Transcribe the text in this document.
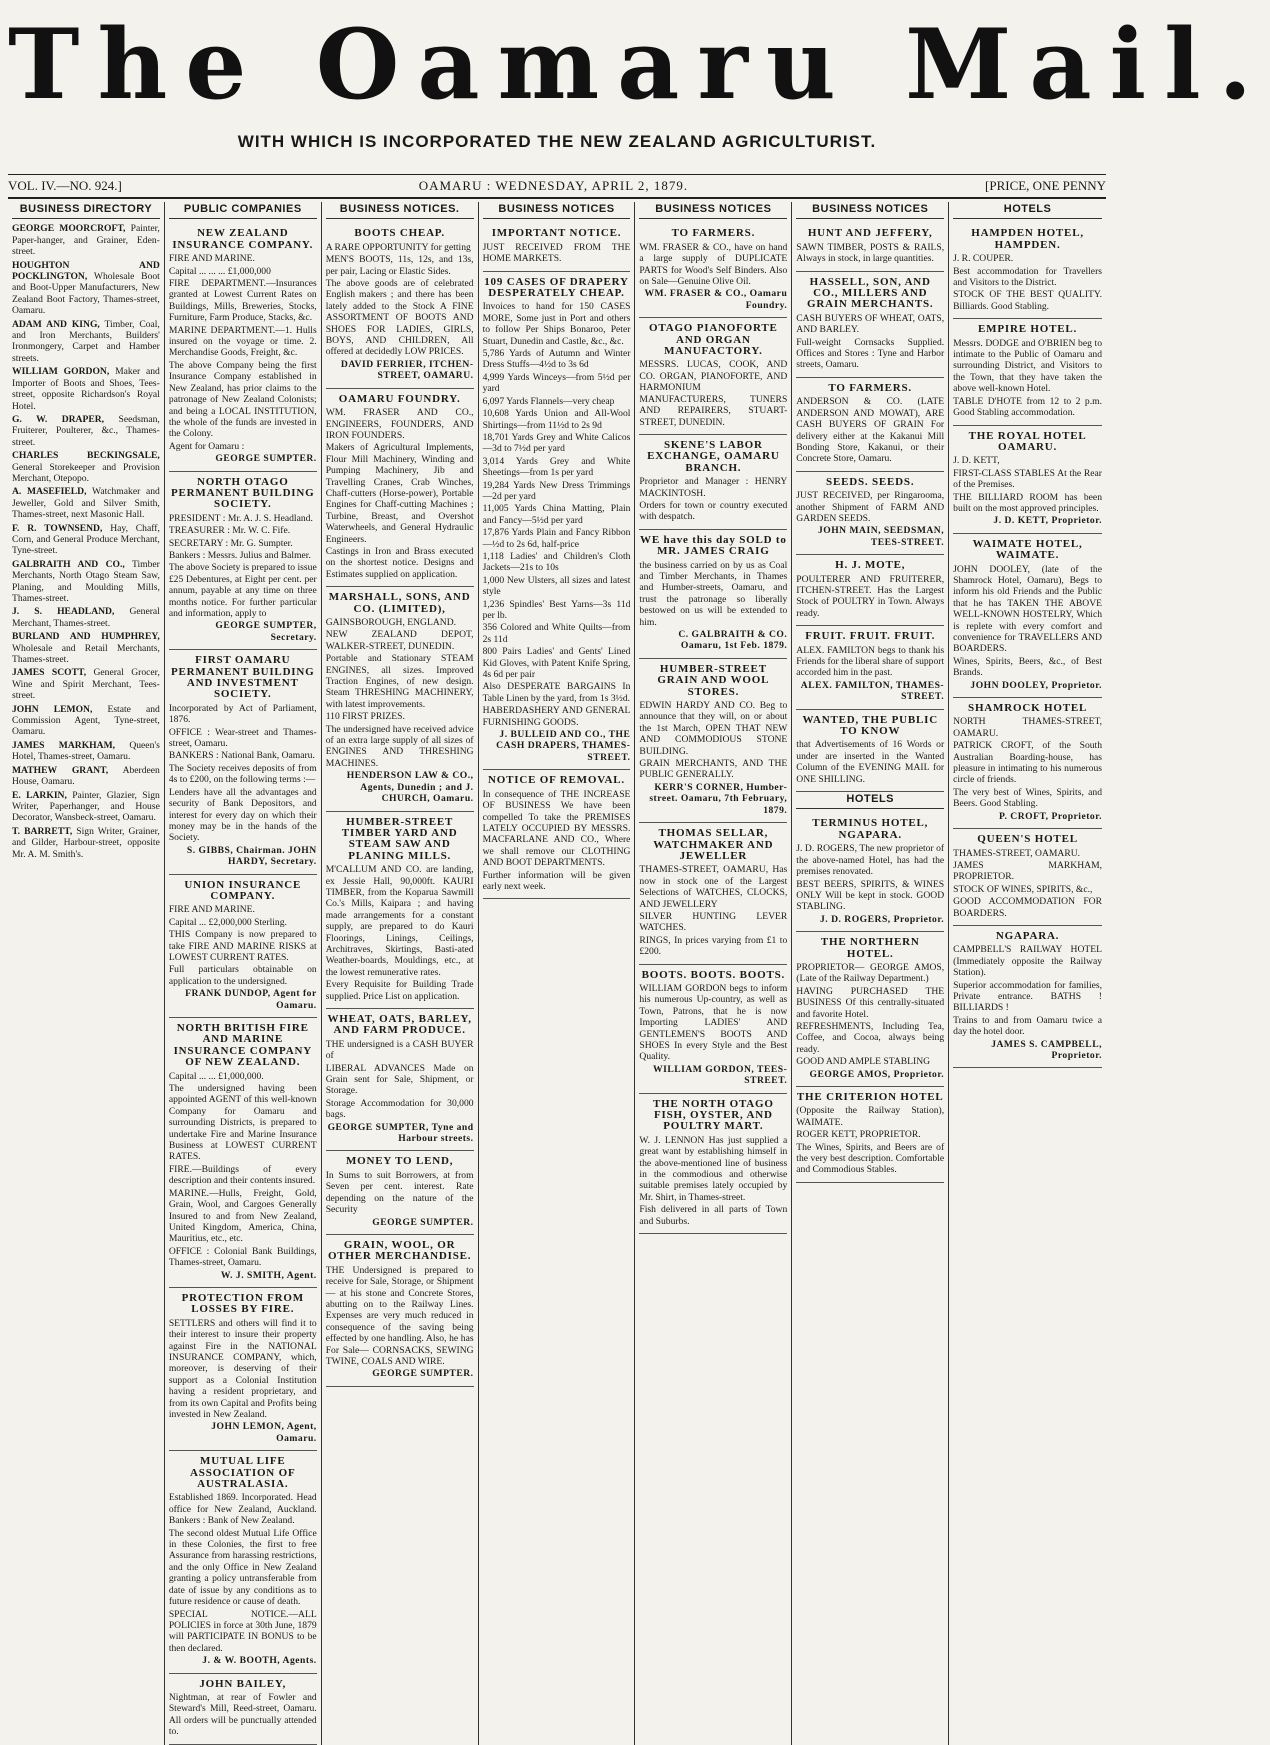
The Oamaru Mail.
WITH WHICH IS INCORPORATED THE NEW ZEALAND AGRICULTURIST.
VOL. IV.—NO. 924.]	OAMARU : WEDNESDAY, APRIL 2, 1879.	[PRICE, ONE PENNY
BUSINESS DIRECTORY

GEORGE MOORCROFT, Painter, Paper-hanger, and Grainer, Eden-street.

HOUGHTON AND POCKLINGTON, Wholesale Boot and Boot-Upper Manufacturers, New Zealand Boot Factory, Thames-street, Oamaru.

ADAM AND KING, Timber, Coal, and Iron Merchants, Builders' Ironmongery, Carpet and Hamber streets.

WILLIAM GORDON, Maker and Importer of Boots and Shoes, Tees-street, opposite Richardson's Royal Hotel.

G. W. DRAPER, Seedsman, Fruiterer, Poulterer, &c., Thames-street.

CHARLES BECKINGSALE, General Storekeeper and Provision Merchant, Otepopo.

A. MASEFIELD, Watchmaker and Jeweller, Gold and Silver Smith, Thames-street, next Masonic Hall.

F. R. TOWNSEND, Hay, Chaff, Corn, and General Produce Merchant, Tyne-street.

GALBRAITH AND CO., Timber Merchants, North Otago Steam Saw, Planing, and Moulding Mills, Thames-street.

J. S. HEADLAND, General Merchant, Thames-street.

BURLAND AND HUMPHREY, Wholesale and Retail Merchants, Thames-street.

JAMES SCOTT, General Grocer, Wine and Spirit Merchant, Tees-street.

JOHN LEMON, Estate and Commission Agent, Tyne-street, Oamaru.

JAMES MARKHAM, Queen's Hotel, Thames-street, Oamaru.

MATHEW GRANT, Aberdeen House, Oamaru.

E. LARKIN, Painter, Glazier, Sign Writer, Paperhanger, and House Decorator, Wansbeck-street, Oamaru.

T. BARRETT, Sign Writer, Grainer, and Gilder, Harbour-street, opposite Mr. A. M. Smith's.

PUBLIC COMPANIES
NEW ZEALAND INSURANCE COMPANY.

FIRE AND MARINE.

Capital ... ... ... £1,000,000

FIRE DEPARTMENT.—Insurances granted at Lowest Current Rates on Buildings, Mills, Breweries, Stocks, Furniture, Farm Produce, Stacks, &c.

MARINE DEPARTMENT.—1. Hulls insured on the voyage or time. 2. Merchandise Goods, Freight, &c.

The above Company being the first Insurance Company established in New Zealand, has prior claims to the patronage of New Zealand Colonists; and being a LOCAL INSTITUTION, the whole of the funds are invested in the Colony.

Agent for Oamaru :

GEORGE SUMPTER.

NORTH OTAGO PERMANENT BUILDING SOCIETY.

PRESIDENT : Mr. A. J. S. Headland.

TREASURER : Mr. W. C. Fife.

SECRETARY : Mr. G. Sumpter.

Bankers : Messrs. Julius and Balmer.

The above Society is prepared to issue £25 Debentures, at Eight per cent. per annum, payable at any time on three months notice. For further particular and information, apply to

GEORGE SUMPTER, Secretary.

FIRST OAMARU PERMANENT BUILDING AND INVESTMENT SOCIETY.

Incorporated by Act of Parliament, 1876.

OFFICE : Wear-street and Thames-street, Oamaru.

BANKERS : National Bank, Oamaru.

The Society receives deposits of from 4s to £200, on the following terms :—

Lenders have all the advantages and security of Bank Depositors, and interest for every day on which their money may be in the hands of the Society.

S. GIBBS, Chairman. JOHN HARDY, Secretary.

UNION INSURANCE COMPANY.

FIRE AND MARINE.

Capital ... £2,000,000 Sterling.

THIS Company is now prepared to take FIRE AND MARINE RISKS at LOWEST CURRENT RATES.

Full particulars obtainable on application to the undersigned.

FRANK DUNDOP, Agent for Oamaru.

NORTH BRITISH FIRE AND MARINE INSURANCE COMPANY OF NEW ZEALAND.

Capital ... ... £1,000,000.

The undersigned having been appointed AGENT of this well-known Company for Oamaru and surrounding Districts, is prepared to undertake Fire and Marine Insurance Business at LOWEST CURRENT RATES.

FIRE.—Buildings of every description and their contents insured.

MARINE.—Hulls, Freight, Gold, Grain, Wool, and Cargoes Generally Insured to and from New Zealand, United Kingdom, America, China, Mauritius, etc., etc.

OFFICE : Colonial Bank Buildings, Thames-street, Oamaru.

W. J. SMITH, Agent.

PROTECTION FROM LOSSES BY FIRE.

SETTLERS and others will find it to their interest to insure their property against Fire in the NATIONAL INSURANCE COMPANY, which, moreover, is deserving of their support as a Colonial Institution having a resident proprietary, and from its own Capital and Profits being invested in New Zealand.

JOHN LEMON, Agent, Oamaru.

MUTUAL LIFE ASSOCIATION OF AUSTRALASIA.

Established 1869. Incorporated. Head office for New Zealand, Auckland. Bankers : Bank of New Zealand.

The second oldest Mutual Life Office in these Colonies, the first to free Assurance from harassing restrictions, and the only Office in New Zealand granting a policy untransferable from date of issue by any conditions as to future residence or cause of death.

SPECIAL NOTICE.—ALL POLICIES in force at 30th June, 1879 will PARTICIPATE IN BONUS to be then declared.

J. & W. BOOTH, Agents.

JOHN BAILEY,

Nightman, at rear of Fowler and Steward's Mill, Reed-street, Oamaru. All orders will be punctually attended to.

BUSINESS NOTICES.
BOOTS CHEAP.

A RARE OPPORTUNITY for getting

MEN'S BOOTS, 11s, 12s, and 13s, per pair, Lacing or Elastic Sides.

The above goods are of celebrated English makers ; and there has been lately added to the Stock A FINE ASSORTMENT OF BOOTS AND SHOES FOR LADIES, GIRLS, BOYS, AND CHILDREN, All offered at decidedly LOW PRICES.

DAVID FERRIER, ITCHEN-STREET, OAMARU.

OAMARU FOUNDRY.

WM. FRASER AND CO., ENGINEERS, FOUNDERS, AND IRON FOUNDERS.

Makers of Agricultural Implements, Flour Mill Machinery, Winding and Pumping Machinery, Jib and Travelling Cranes, Crab Winches, Chaff-cutters (Horse-power), Portable Engines for Chaff-cutting Machines ; Turbine, Breast, and Overshot Waterwheels, and General Hydraulic Engineers.

Castings in Iron and Brass executed on the shortest notice. Designs and Estimates supplied on application.

MARSHALL, SONS, AND CO. (LIMITED),

GAINSBOROUGH, ENGLAND.

NEW ZEALAND DEPOT, WALKER-STREET, DUNEDIN.

Portable and Stationary STEAM ENGINES, all sizes. Improved Traction Engines, of new design. Steam THRESHING MACHINERY, with latest improvements.

110 FIRST PRIZES.

The undersigned have received advice of an extra large supply of all sizes of ENGINES AND THRESHING MACHINES.

HENDERSON LAW & CO., Agents, Dunedin ; and J. CHURCH, Oamaru.

HUMBER-STREET TIMBER YARD AND STEAM SAW AND PLANING MILLS.

M'CALLUM AND CO. are landing, ex Jessie Hall, 90,000ft. KAURI TIMBER, from the Koparua Sawmill Co.'s Mills, Kaipara ; and having made arrangements for a constant supply, are prepared to do Kauri Floorings, Linings, Ceilings, Architraves, Skirtings, Basti-ated Weather-boards, Mouldings, etc., at the lowest remunerative rates.

Every Requisite for Building Trade supplied. Price List on application.

WHEAT, OATS, BARLEY, AND FARM PRODUCE.

THE undersigned is a CASH BUYER of

LIBERAL ADVANCES Made on Grain sent for Sale, Shipment, or Storage.

Storage Accommodation for 30,000 bags.

GEORGE SUMPTER, Tyne and Harbour streets.

MONEY TO LEND,

In Sums to suit Borrowers, at from Seven per cent. interest. Rate depending on the nature of the Security

GEORGE SUMPTER.

GRAIN, WOOL, OR OTHER MERCHANDISE.

THE Undersigned is prepared to receive for Sale, Storage, or Shipment— at his stone and Concrete Stores, abutting on to the Railway Lines. Expenses are very much reduced in consequence of the saving being effected by one handling. Also, he has For Sale— CORNSACKS, SEWING TWINE, COALS AND WIRE.

GEORGE SUMPTER.

BUSINESS NOTICES
IMPORTANT NOTICE.

JUST RECEIVED FROM THE HOME MARKETS.

109 CASES OF DRAPERY DESPERATELY CHEAP.

Invoices to hand for 150 CASES MORE, Some just in Port and others to follow Per Ships Bonaroo, Peter Stuart, Dunedin and Castle, &c., &c.

5,786 Yards of Autumn and Winter Dress Stuffs—4½d to 3s 6d

4,999 Yards Winceys—from 5½d per yard

6,097 Yards Flannels—very cheap

10,608 Yards Union and All-Wool Shirtings—from 11½d to 2s 9d

18,701 Yards Grey and White Calicos—3d to 7½d per yard

3,014 Yards Grey and White Sheetings—from 1s per yard

19,284 Yards New Dress Trimmings—2d per yard

11,005 Yards China Matting, Plain and Fancy—5½d per yard

17,876 Yards Plain and Fancy Ribbon—½d to 2s 6d, half-price

1,118 Ladies' and Children's Cloth Jackets—21s to 10s

1,000 New Ulsters, all sizes and latest style

1,236 Spindles' Best Yarns—3s 11d per lb.

356 Colored and White Quilts—from 2s 11d

800 Pairs Ladies' and Gents' Lined Kid Gloves, with Patent Knife Spring, 4s 6d per pair

Also DESPERATE BARGAINS In Table Linen by the yard, from 1s 3½d.

HABERDASHERY AND GENERAL FURNISHING GOODS.

J. BULLEID AND CO., THE CASH DRAPERS, THAMES-STREET.

NOTICE OF REMOVAL.

In consequence of THE INCREASE OF BUSINESS We have been compelled To take the PREMISES LATELY OCCUPIED BY MESSRS. MACFARLANE AND CO., Where we shall remove our CLOTHING AND BOOT DEPARTMENTS.

Further information will be given early next week.

BUSINESS NOTICES
TO FARMERS.

WM. FRASER & CO., have on hand a large supply of DUPLICATE PARTS for Wood's Self Binders. Also on Sale—Genuine Olive Oil.

WM. FRASER & CO., Oamaru Foundry.

OTAGO PIANOFORTE AND ORGAN MANUFACTORY.

MESSRS. LUCAS, COOK, AND CO. ORGAN, PIANOFORTE, AND HARMONIUM MANUFACTURERS, TUNERS AND REPAIRERS, STUART-STREET, DUNEDIN.

SKENE'S LABOR EXCHANGE, OAMARU BRANCH.

Proprietor and Manager : HENRY MACKINTOSH.

Orders for town or country executed with despatch.

WE have this day SOLD to MR. JAMES CRAIG

the business carried on by us as Coal and Timber Merchants, in Thames and Humber-streets, Oamaru, and trust the patronage so liberally bestowed on us will be extended to him.

C. GALBRAITH & CO. Oamaru, 1st Feb. 1879.

HUMBER-STREET GRAIN AND WOOL STORES.

EDWIN HARDY AND CO. Beg to announce that they will, on or about the 1st March, OPEN THAT NEW AND COMMODIOUS STONE BUILDING.

GRAIN MERCHANTS, AND THE PUBLIC GENERALLY.

KERR'S CORNER, Humber-street. Oamaru, 7th February, 1879.

THOMAS SELLAR, WATCHMAKER AND JEWELLER

THAMES-STREET, OAMARU, Has now in stock one of the Largest Selections of WATCHES, CLOCKS, AND JEWELLERY

SILVER HUNTING LEVER WATCHES.

RINGS, In prices varying from £1 to £200.

BOOTS. BOOTS. BOOTS.

WILLIAM GORDON begs to inform his numerous Up-country, as well as Town, Patrons, that he is now Importing LADIES' AND GENTLEMEN'S BOOTS AND SHOES In every Style and the Best Quality.

WILLIAM GORDON, TEES-STREET.

THE NORTH OTAGO FISH, OYSTER, AND POULTRY MART.

W. J. LENNON Has just supplied a great want by establishing himself in the above-mentioned line of business in the commodious and otherwise suitable premises lately occupied by Mr. Shirt, in Thames-street.

Fish delivered in all parts of Town and Suburbs.

BUSINESS NOTICES
HUNT AND JEFFERY,

SAWN TIMBER, POSTS & RAILS, Always in stock, in large quantities.

HASSELL, SON, AND CO., MILLERS AND GRAIN MERCHANTS.

CASH BUYERS OF WHEAT, OATS, AND BARLEY.

Full-weight Cornsacks Supplied. Offices and Stores : Tyne and Harbor streets, Oamaru.

TO FARMERS.

ANDERSON & CO. (LATE ANDERSON AND MOWAT), ARE CASH BUYERS OF GRAIN For delivery either at the Kakanui Mill Bonding Store, Kakanui, or their Concrete Store, Oamaru.

SEEDS. SEEDS.

JUST RECEIVED, per Ringarooma, another Shipment of FARM AND GARDEN SEEDS.

JOHN MAIN, SEEDSMAN, TEES-STREET.

H. J. MOTE,

POULTERER AND FRUITERER, ITCHEN-STREET. Has the Largest Stock of POULTRY in Town. Always ready.

FRUIT. FRUIT. FRUIT.

ALEX. FAMILTON begs to thank his Friends for the liberal share of support accorded him in the past.

ALEX. FAMILTON, THAMES-STREET.

WANTED, THE PUBLIC TO KNOW

that Advertisements of 16 Words or under are inserted in the Wanted Column of the EVENING MAIL for ONE SHILLING.

HOTELS
TERMINUS HOTEL, NGAPARA.

J. D. ROGERS, The new proprietor of the above-named Hotel, has had the premises renovated.

BEST BEERS, SPIRITS, & WINES ONLY Will be kept in stock. GOOD STABLING.

J. D. ROGERS, Proprietor.

THE NORTHERN HOTEL.

PROPRIETOR— GEORGE AMOS, (Late of the Railway Department.)

HAVING PURCHASED THE BUSINESS Of this centrally-situated and favorite Hotel.

REFRESHMENTS, Including Tea, Coffee, and Cocoa, always being ready.

GOOD AND AMPLE STABLING

GEORGE AMOS, Proprietor.

THE CRITERION HOTEL

(Opposite the Railway Station), WAIMATE.

ROGER KETT, PROPRIETOR.

The Wines, Spirits, and Beers are of the very best description. Comfortable and Commodious Stables.

HOTELS
HAMPDEN HOTEL, HAMPDEN.

J. R. COUPER.

Best accommodation for Travellers and Visitors to the District.

STOCK OF THE BEST QUALITY. Billiards. Good Stabling.

EMPIRE HOTEL.

Messrs. DODGE and O'BRIEN beg to intimate to the Public of Oamaru and surrounding District, and Visitors to the Town, that they have taken the above well-known Hotel.

TABLE D'HOTE from 12 to 2 p.m. Good Stabling accommodation.

THE ROYAL HOTEL OAMARU.

J. D. KETT,

FIRST-CLASS STABLES At the Rear of the Premises.

THE BILLIARD ROOM has been built on the most approved principles.

J. D. KETT, Proprietor.

WAIMATE HOTEL, WAIMATE.

JOHN DOOLEY, (late of the Shamrock Hotel, Oamaru), Begs to inform his old Friends and the Public that he has TAKEN THE ABOVE WELL-KNOWN HOSTELRY, Which is replete with every comfort and convenience for TRAVELLERS AND BOARDERS.

Wines, Spirits, Beers, &c., of Best Brands.

JOHN DOOLEY, Proprietor.

SHAMROCK HOTEL

NORTH THAMES-STREET, OAMARU.

PATRICK CROFT, of the South Australian Boarding-house, has pleasure in intimating to his numerous circle of friends.

The very best of Wines, Spirits, and Beers. Good Stabling.

P. CROFT, Proprietor.

QUEEN'S HOTEL

THAMES-STREET, OAMARU.

JAMES MARKHAM, PROPRIETOR.

STOCK OF WINES, SPIRITS, &c.,

GOOD ACCOMMODATION FOR BOARDERS.

NGAPARA.

CAMPBELL'S RAILWAY HOTEL (Immediately opposite the Railway Station).

Superior accommodation for families, Private entrance. BATHS ! BILLIARDS !

Trains to and from Oamaru twice a day the hotel door.

JAMES S. CAMPBELL, Proprietor.
